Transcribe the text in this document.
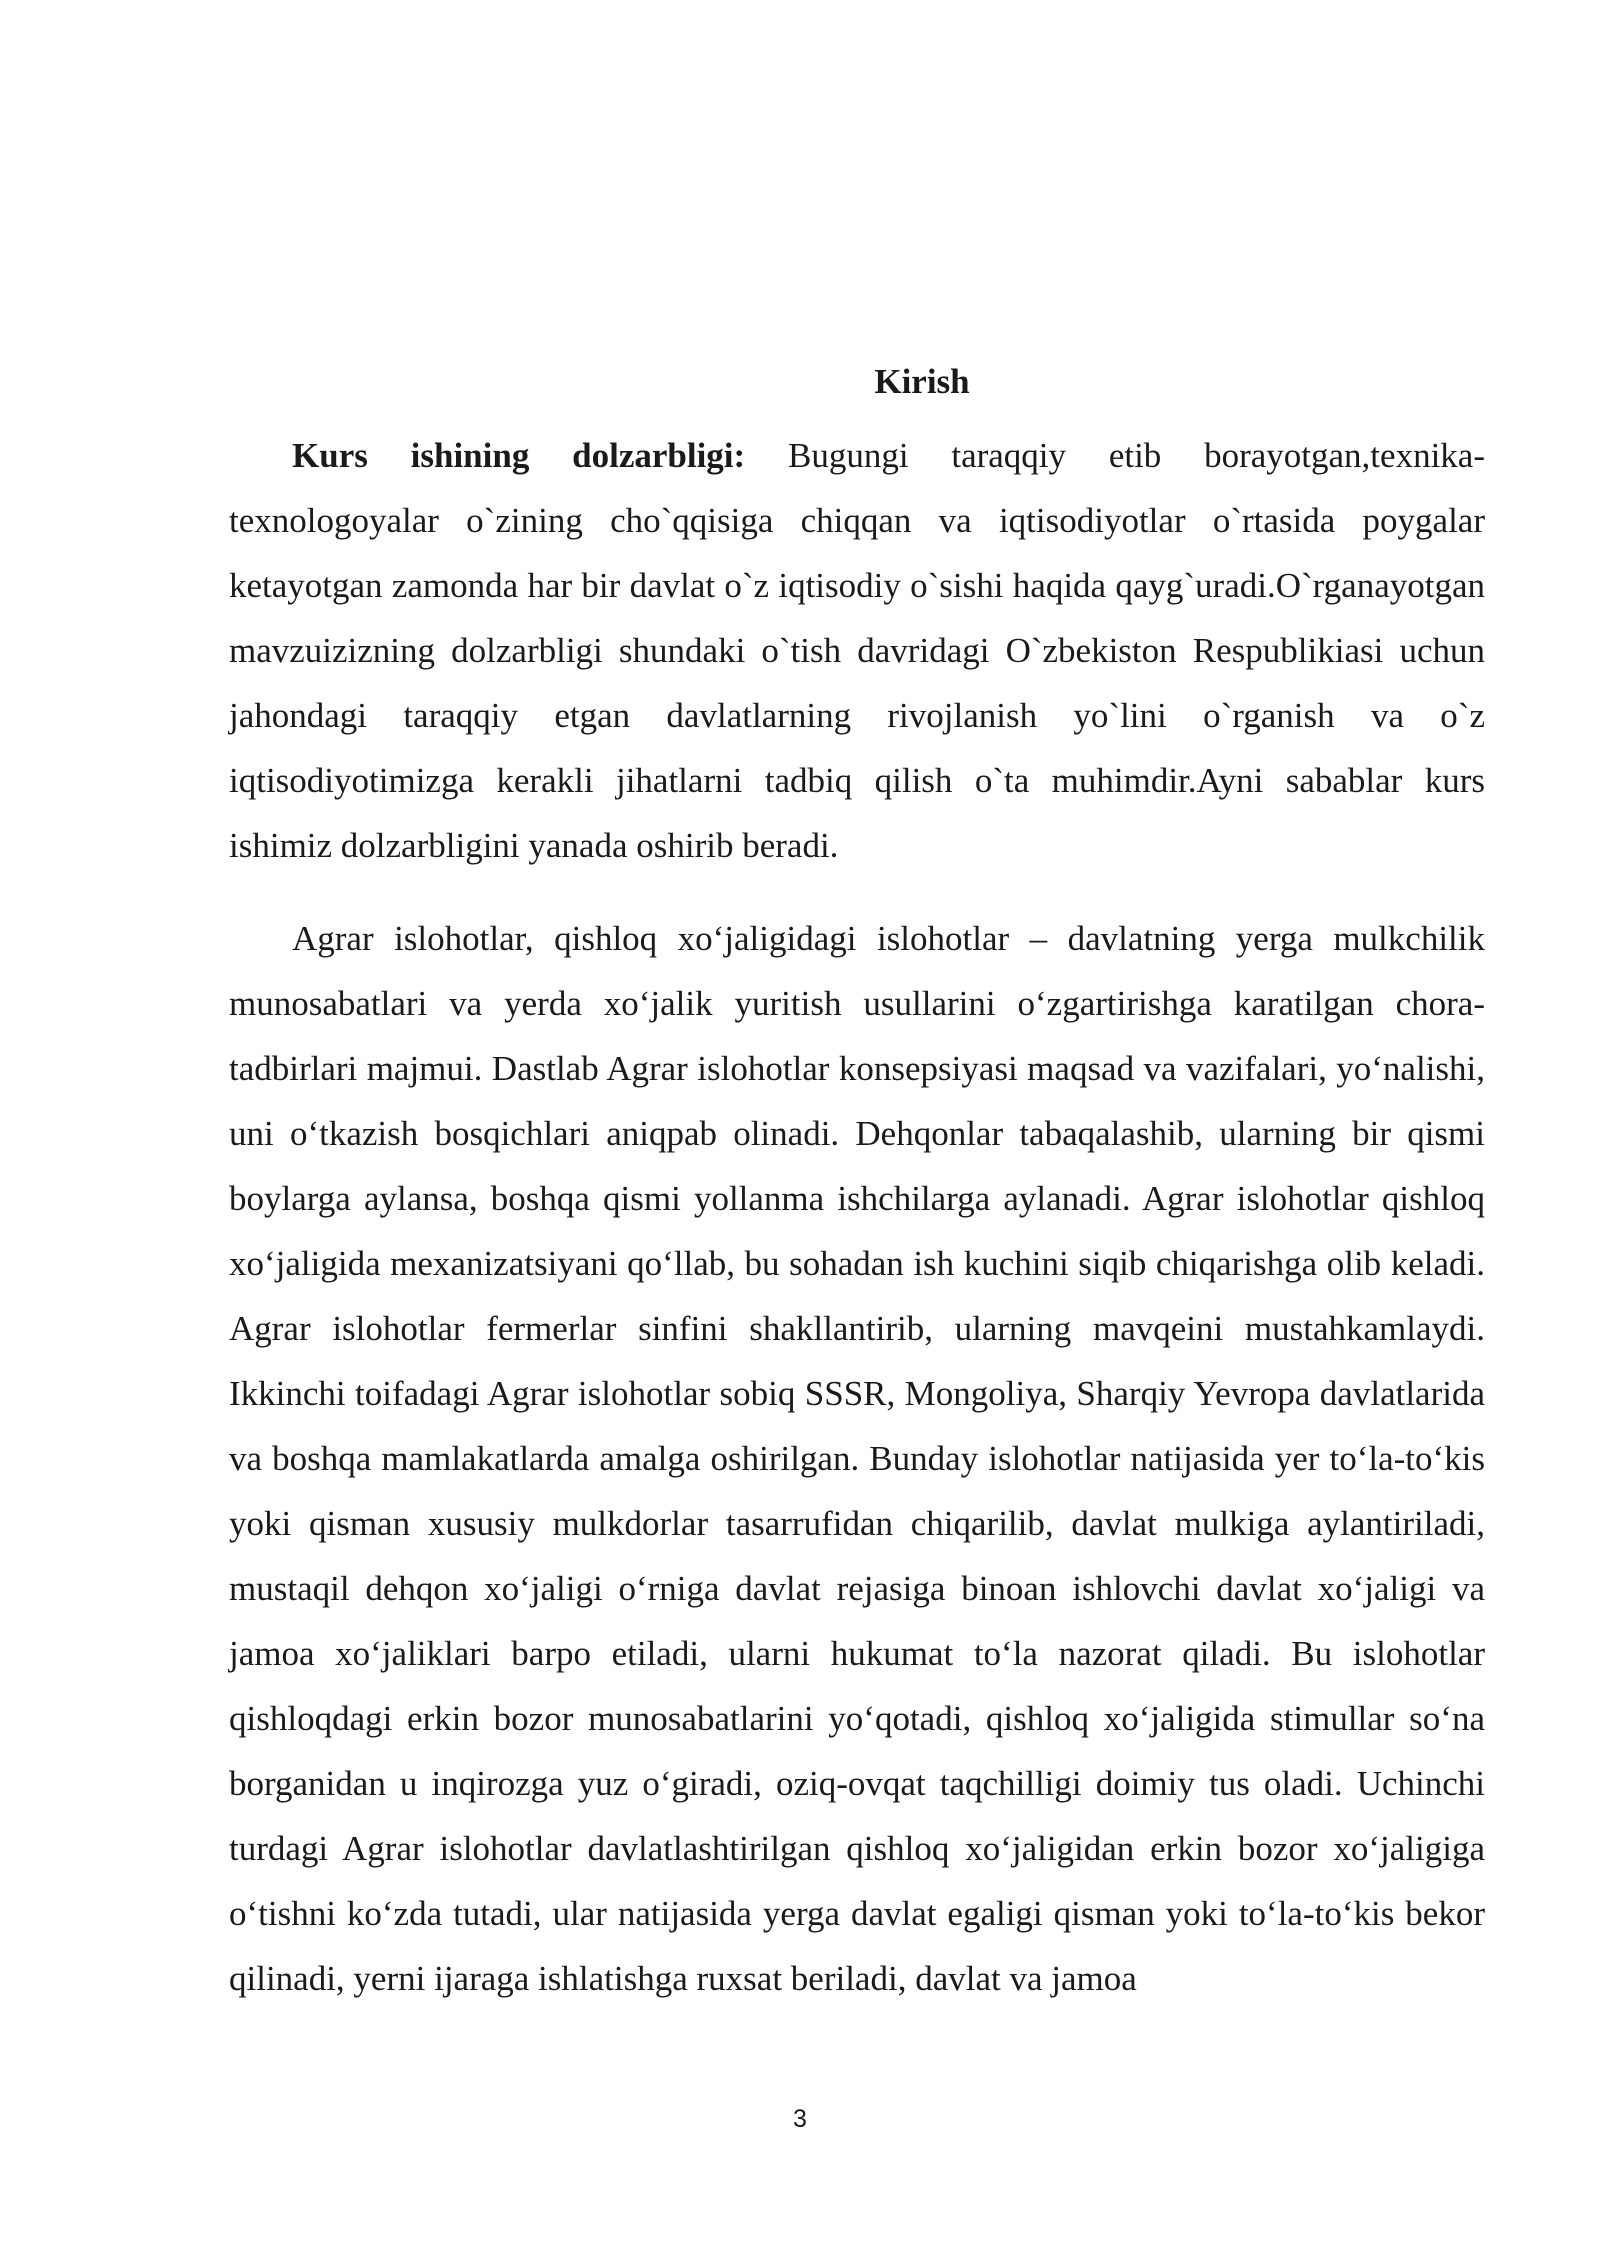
Kirish

Kurs ishining dolzarbligi: Bugungi taraqqiy etib borayotgan,texnika-texnologoyalar o`zining cho`qqisiga chiqqan va iqtisodiyotlar o`rtasida poygalar ketayotgan zamonda har bir davlat o`z iqtisodiy o`sishi haqida qayg`uradi.O`rganayotgan mavzuizizning dolzarbligi shundaki o`tish davridagi O`zbekiston Respublikiasi uchun jahondagi taraqqiy etgan davlatlarning rivojlanish yo`lini o`rganish va o`z iqtisodiyotimizga kerakli jihatlarni tadbiq qilish o`ta muhimdir.Ayni sabablar kurs ishimiz dolzarbligini yanada oshirib beradi.

Agrar islohotlar, qishloq xo‘jaligidagi islohotlar – davlatning yerga mulkchilik munosabatlari va yerda xo‘jalik yuritish usullarini o‘zgartirishga karatilgan chora-tadbirlari majmui. Dastlab Agrar islohotlar konsepsiyasi maqsad va vazifalari, yo‘nalishi, uni o‘tkazish bosqichlari aniqpab olinadi. Dehqonlar tabaqalashib, ularning bir qismi boylarga aylansa, boshqa qismi yollanma ishchilarga aylanadi. Agrar islohotlar qishloq xo‘jaligida mexanizatsiyani qo‘llab, bu sohadan ish kuchini siqib chiqarishga olib keladi. Agrar islohotlar fermerlar sinfini shakllantirib, ularning mavqeini mustahkamlaydi. Ikkinchi toifadagi Agrar islohotlar sobiq SSSR, Mongoliya, Sharqiy Yevropa davlatlarida va boshqa mamlakatlarda amalga oshirilgan. Bunday islohotlar natijasida yer to‘la-to‘kis yoki qisman xususiy mulkdorlar tasarrufidan chiqarilib, davlat mulkiga aylantiriladi, mustaqil dehqon xo‘jaligi o‘rniga davlat rejasiga binoan ishlovchi davlat xo‘jaligi va jamoa xo‘jaliklari barpo etiladi, ularni hukumat to‘la nazorat qiladi. Bu islohotlar qishloqdagi erkin bozor munosabatlarini yo‘qotadi, qishloq xo‘jaligida stimullar so‘na borganidan u inqirozga yuz o‘giradi, oziq-ovqat taqchilligi doimiy tus oladi. Uchinchi turdagi Agrar islohotlar davlatlashtirilgan qishloq xo‘jaligidan erkin bozor xo‘jaligiga o‘tishni ko‘zda tutadi, ular natijasida yerga davlat egaligi qisman yoki to‘la-to‘kis bekor qilinadi, yerni ijaraga ishlatishga ruxsat beriladi, davlat va jamoa

3
